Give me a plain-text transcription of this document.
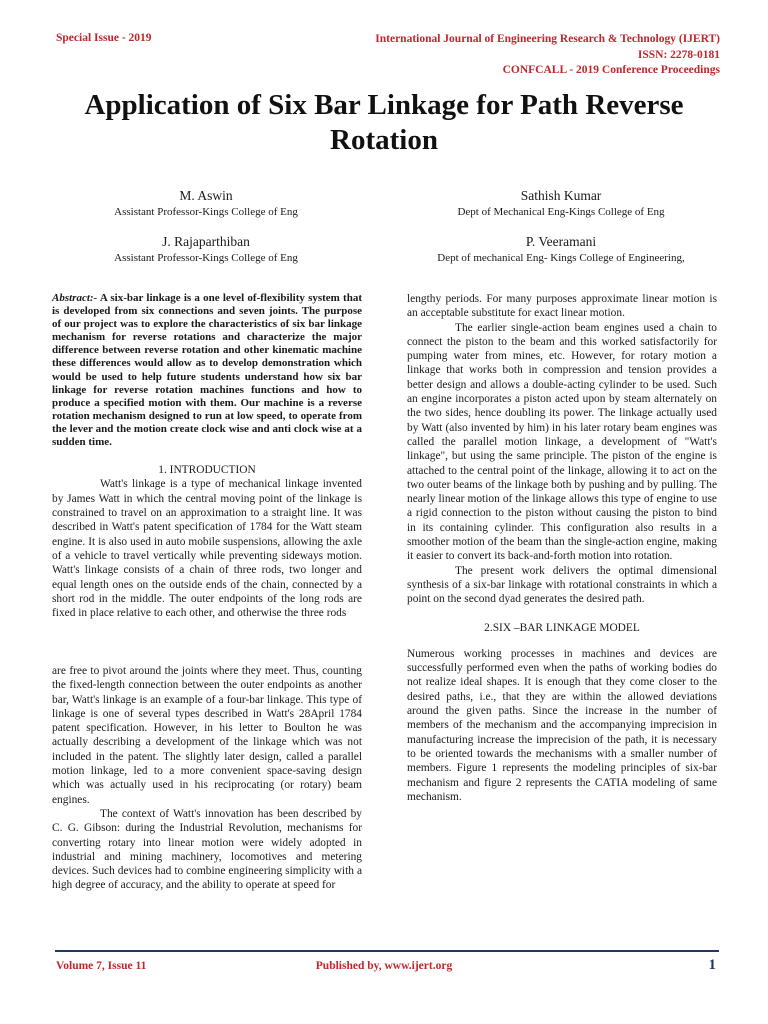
Special Issue - 2019	International Journal of Engineering Research & Technology (IJERT)
ISSN: 2278-0181
CONFCALL - 2019 Conference Proceedings
Application of Six Bar Linkage for Path Reverse
Rotation
M. Aswin
Assistant Professor-Kings College of Eng
Sathish Kumar
Dept of Mechanical Eng-Kings College of Eng
J. Rajaparthiban
Assistant Professor-Kings College of Eng
P. Veeramani
Dept of mechanical Eng- Kings College of Engineering,

Abstract:- A six-bar linkage is a one level of-flexibility system that is developed from six connections and seven joints. The purpose of our project was to explore the characteristics of six bar linkage mechanism for reverse rotations and characterize the major difference between reverse rotation and other kinematic machine these differences would allow as to develop demonstration which would be used to help future students understand how six bar linkage for reverse rotation machines functions and how to produce a specified motion with them. Our machine is a reverse rotation mechanism designed to run at low speed, to operate from the lever and the motion create clock wise and anti clock wise at a sudden time.

1. INTRODUCTION

Watt's linkage is a type of mechanical linkage invented by James Watt in which the central moving point of the linkage is constrained to travel on an approximation to a straight line. It was described in Watt's patent specification of 1784 for the Watt steam engine. It is also used in auto mobile suspensions, allowing the axle of a vehicle to travel vertically while preventing sideways motion. Watt's linkage consists of a chain of three rods, two longer and equal length ones on the outside ends of the chain, connected by a short rod in the middle. The outer endpoints of the long rods are fixed in place relative to each other, and otherwise the three rods

are free to pivot around the joints where they meet. Thus, counting the fixed-length connection between the outer endpoints as another bar, Watt's linkage is an example of a four-bar linkage. This type of linkage is one of several types described in Watt's 28April 1784 patent specification. However, in his letter to Boulton he was actually describing a development of the linkage which was not included in the patent. The slightly later design, called a parallel motion linkage, led to a more convenient space-saving design which was actually used in his reciprocating (or rotary) beam engines.

The context of Watt's innovation has been described by C. G. Gibson: during the Industrial Revolution, mechanisms for converting rotary into linear motion were widely adopted in industrial and mining machinery, locomotives and metering devices. Such devices had to combine engineering simplicity with a high degree of accuracy, and the ability to operate at speed for

lengthy periods. For many purposes approximate linear motion is an acceptable substitute for exact linear motion.

The earlier single-action beam engines used a chain to connect the piston to the beam and this worked satisfactorily for pumping water from mines, etc. However, for rotary motion a linkage that works both in compression and tension provides a better design and allows a double-acting cylinder to be used. Such an engine incorporates a piston acted upon by steam alternately on the two sides, hence doubling its power. The linkage actually used by Watt (also invented by him) in his later rotary beam engines was called the parallel motion linkage, a development of "Watt's linkage", but using the same principle. The piston of the engine is attached to the central point of the linkage, allowing it to act on the two outer beams of the linkage both by pushing and by pulling. The nearly linear motion of the linkage allows this type of engine to use a rigid connection to the piston without causing the piston to bind in its containing cylinder. This configuration also results in a smoother motion of the beam than the single-action engine, making it easier to convert its back-and-forth motion into rotation.

The present work delivers the optimal dimensional synthesis of a six-bar linkage with rotational constraints in which a point on the second dyad generates the desired path.

2.SIX –BAR LINKAGE MODEL

Numerous working processes in machines and devices are successfully performed even when the paths of working bodies do not realize ideal shapes. It is enough that they come closer to the desired paths, i.e., that they are within the allowed deviations around the given paths. Since the increase in the number of members of the mechanism and the accompanying imprecision in manufacturing increase the imprecision of the path, it is necessary to be oriented towards the mechanisms with a smaller number of members. Figure 1 represents the modeling principles of six-bar mechanism and figure 2 represents the CATIA modeling of same mechanism.

Volume 7, Issue 11	Published by, www.ijert.org	1
